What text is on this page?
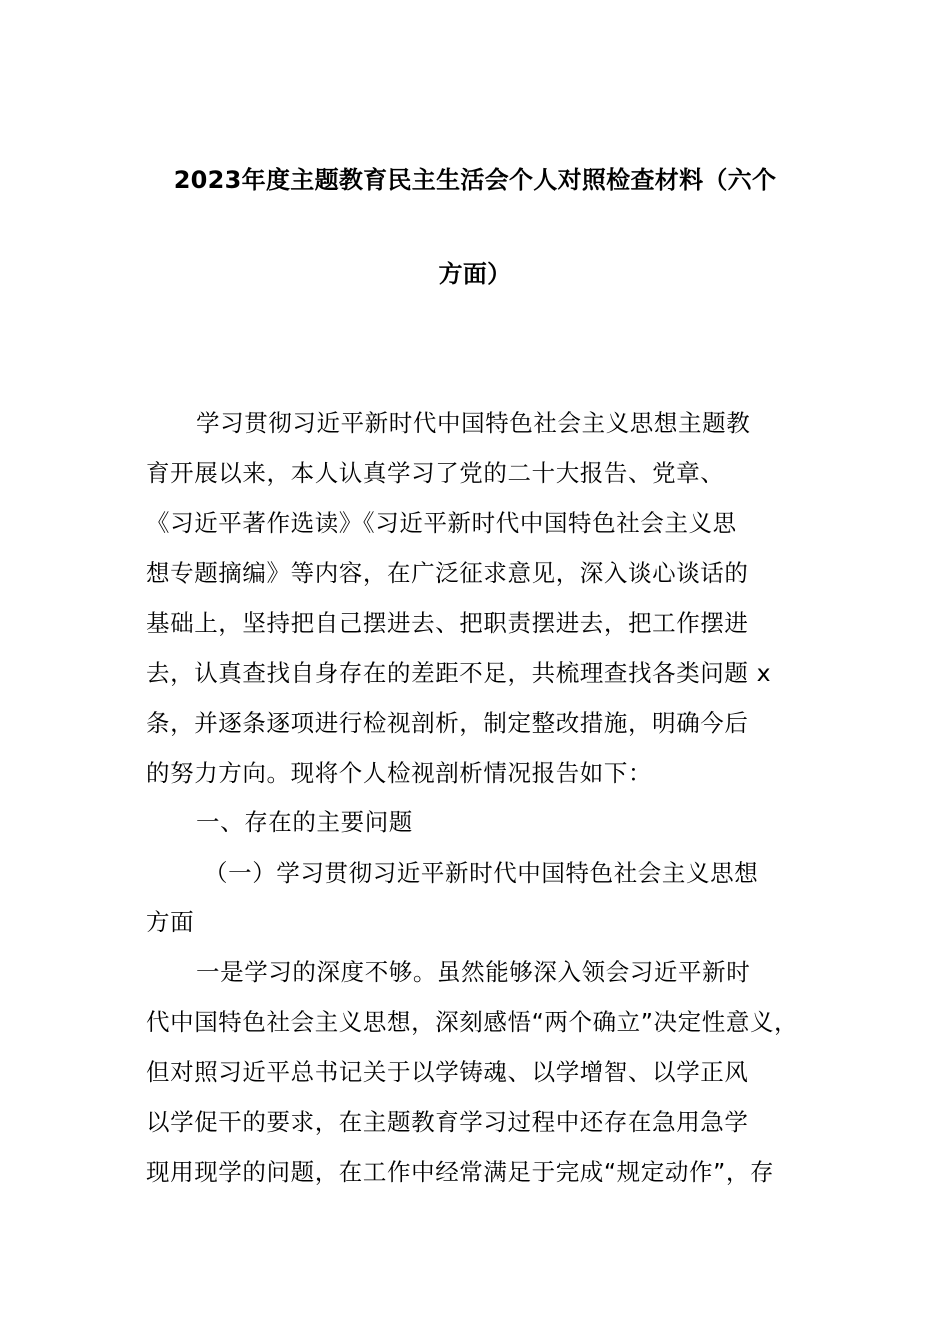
2023年度主题教育民主生活会个人对照检查材料（六个
方面）
学习贯彻习近平新时代中国特色社会主义思想主题教
育开展以来，本人认真学习了党的二十大报告、党章、
《习近平著作选读》《习近平新时代中国特色社会主义思
想专题摘编》等内容，在广泛征求意见，深入谈心谈话的
基础上，坚持把自己摆进去、把职责摆进去，把工作摆进
去，认真查找自身存在的差距不足，共梳理查找各类问题 x
条，并逐条逐项进行检视剖析，制定整改措施，明确今后
的努力方向。现将个人检视剖析情况报告如下：
一、存在的主要问题
（一）学习贯彻习近平新时代中国特色社会主义思想
方面
一是学习的深度不够。虽然能够深入领会习近平新时
代中国特色社会主义思想，深刻感悟“两个确立”决定性意义，
但对照习近平总书记关于以学铸魂、以学增智、以学正风
以学促干的要求，在主题教育学习过程中还存在急用急学
现用现学的问题，在工作中经常满足于完成“规定动作”，存
